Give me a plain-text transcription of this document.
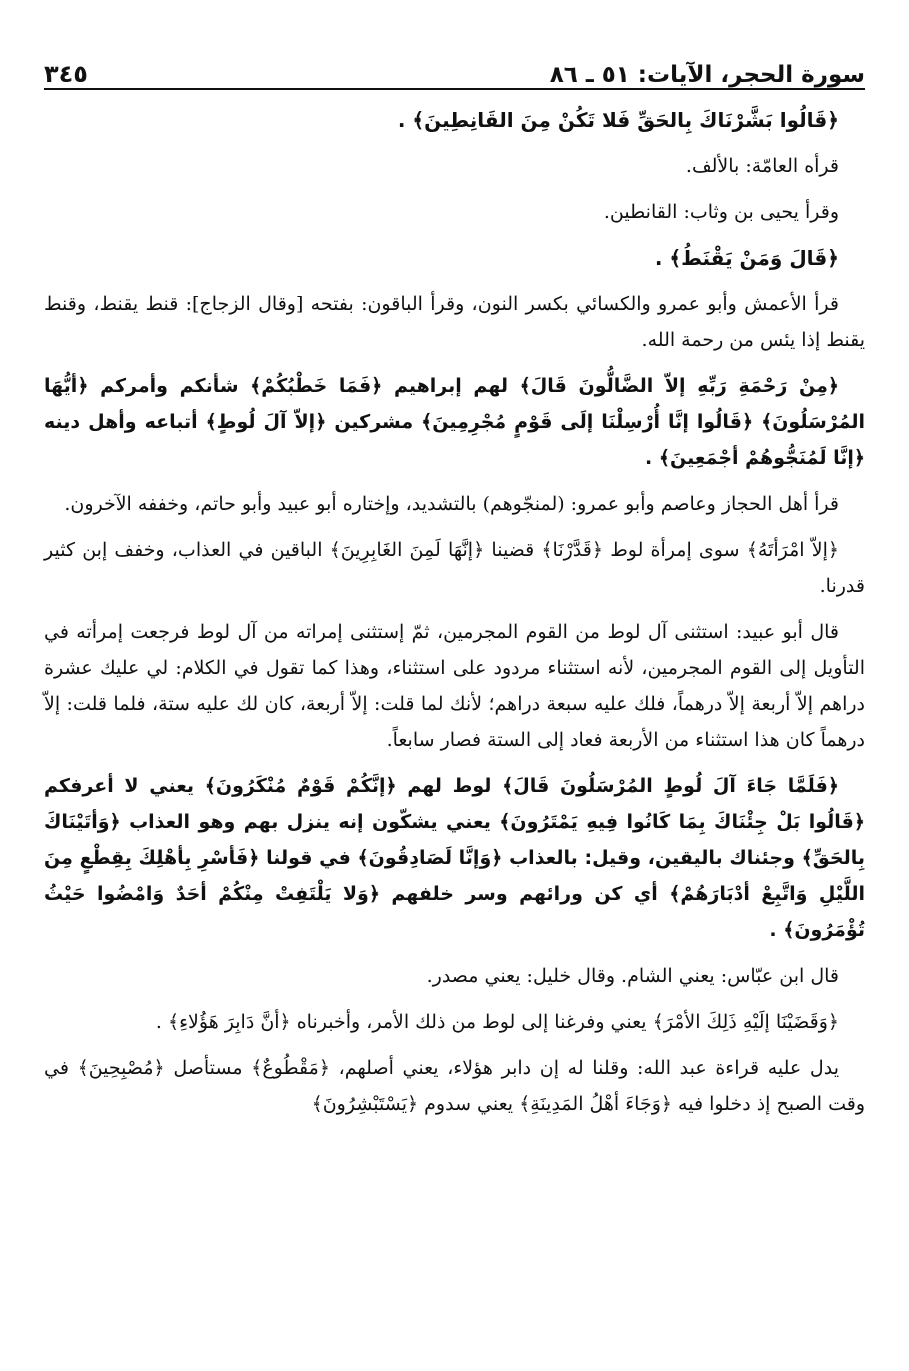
سورة الحجر، الآيات: ٥١ ـ ٨٦
٣٤٥

﴿قَالُوا بَشَّرْنَاكَ بِالحَقِّ فَلا تَكُنْ مِنَ القَانِطِينَ﴾ .

قرأه العامّة: بالألف.

وقرأ يحيى بن وثاب: القانطين.

﴿قَالَ وَمَنْ يَقْنَطُ﴾ .

قرأ الأعمش وأبو عمرو والكسائي بكسر النون، وقرأ الباقون: بفتحه [وقال الزجاج]: قنط يقنط، وقنط يقنط إذا يئس من رحمة الله.

﴿مِنْ رَحْمَةِ رَبِّهِ إلاّ الضَّالُّونَ قَالَ﴾ لهم إبراهيم ﴿فَمَا خَطْبُكُمْ﴾ شأنكم وأمركم ﴿أيُّهَا المُرْسَلُونَ﴾ ﴿قَالُوا إنَّا أُرْسِلْنَا إلَى قَوْمٍ مُجْرِمِينَ﴾ مشركين ﴿إلاّ آلَ لُوطٍ﴾ أتباعه وأهل دينه ﴿إنَّا لَمُنَجُّوهُمْ أجْمَعِينَ﴾ .

قرأ أهل الحجاز وعاصم وأبو عمرو: (لمنجّوهم) بالتشديد، وإختاره أبو عبيد وأبو حاتم، وخففه الآخرون.

﴿إلاّ امْرَأتَهُ﴾ سوى إمرأة لوط ﴿قَدَّرْنَا﴾ قضينا ﴿إنَّهَا لَمِنَ الغَابِرِينَ﴾ الباقين في العذاب، وخفف إبن كثير قدرنا.

قال أبو عبيد: استثنى آل لوط من القوم المجرمين، ثمّ إستثنى إمراته من آل لوط فرجعت إمرأته في التأويل إلى القوم المجرمين، لأنه استثناء مردود على استثناء، وهذا كما تقول في الكلام: لي عليك عشرة دراهم إلاّ أربعة إلاّ درهماً، فلك عليه سبعة دراهم؛ لأنك لما قلت: إلاّ أربعة، كان لك عليه ستة، فلما قلت: إلاّ درهماً كان هذا استثناء من الأربعة فعاد إلى الستة فصار سابعاً.

﴿فَلَمَّا جَاءَ آلَ لُوطٍ المُرْسَلُونَ قَالَ﴾ لوط لهم ﴿إنَّكُمْ قَوْمٌ مُنْكَرُونَ﴾ يعني لا أعرفكم ﴿قَالُوا بَلْ جِئْنَاكَ بِمَا كَانُوا فِيهِ يَمْتَرُونَ﴾ يعني يشكّون إنه ينزل بهم وهو العذاب ﴿وَأتَيْنَاكَ بِالحَقِّ﴾ وجئناك باليقين، وقيل: بالعذاب ﴿وَإنَّا لَصَادِقُونَ﴾ في قولنا ﴿فَأسْرِ بِأهْلِكَ بِقِطْعٍ مِنَ اللَّيْلِ وَاتَّبِعْ أدْبَارَهُمْ﴾ أي كن ورائهم وسر خلفهم ﴿وَلا يَلْتَفِتْ مِنْكُمْ أحَدٌ وَامْضُوا حَيْثُ تُؤْمَرُونَ﴾ .

قال ابن عبّاس: يعني الشام. وقال خليل: يعني مصدر.

﴿وَقَضَيْنَا إلَيْهِ ذَلِكَ الأمْرَ﴾ يعني وفرغنا إلى لوط من ذلك الأمر، وأخبرناه ﴿أنَّ دَابِرَ هَؤُلاءِ﴾ .

يدل عليه قراءة عبد الله: وقلنا له إن دابر هؤلاء، يعني أصلهم، ﴿مَقْطُوعٌ﴾ مستأصل ﴿مُصْبِحِينَ﴾ في وقت الصبح إذ دخلوا فيه ﴿وَجَاءَ أهْلُ المَدِينَةِ﴾ يعني سدوم ﴿يَسْتَبْشِرُونَ﴾
